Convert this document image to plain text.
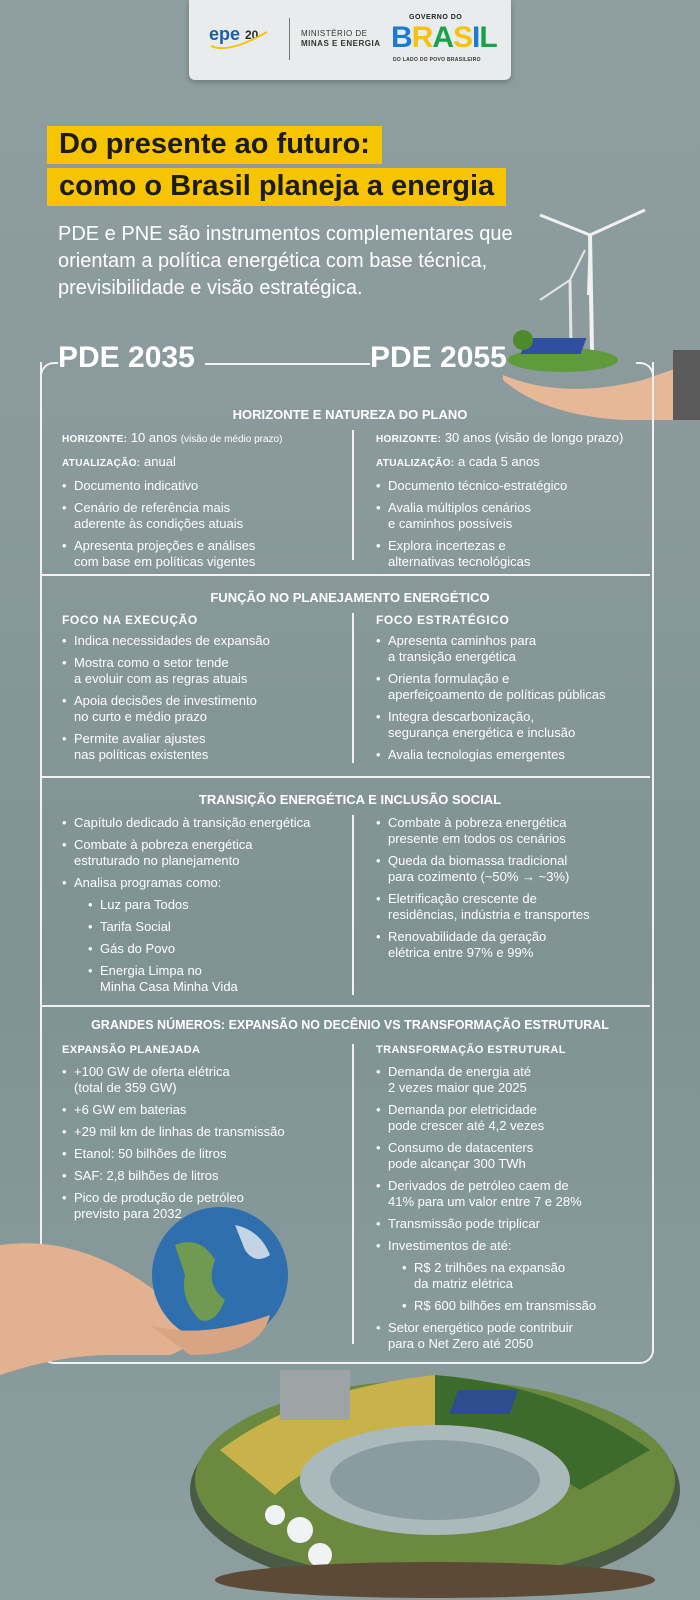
epe 20	MINISTÉRIO DE
MINAS E ENERGIA
GOVERNO DO
BRASIL
DO LADO DO POVO BRASILEIRO
Do presente ao futuro:
como o Brasil planeja a energia
PDE e PNE são instrumentos complementares que orientam a política energética com base técnica, previsibilidade e visão estratégica.
PDE 2035	PDE 2055
HORIZONTE E NATUREZA DO PLANO
HORIZONTE: 10 anos (visão de médio prazo)
ATUALIZAÇÃO: anual
• Documento indicativo
• Cenário de referência mais
aderente às condições atuais
• Apresenta projeções e análises
com base em políticas vigentes
HORIZONTE: 30 anos (visão de longo prazo)
ATUALIZAÇÃO: a cada 5 anos
• Documento técnico-estratégico
• Avalia múltiplos cenários
e caminhos possíveis
• Explora incertezas e
alternativas tecnológicas
FUNÇÃO NO PLANEJAMENTO ENERGÉTICO
FOCO NA EXECUÇÃO
• Indica necessidades de expansão
• Mostra como o setor tende
a evoluir com as regras atuais
• Apoia decisões de investimento
no curto e médio prazo
• Permite avaliar ajustes
nas políticas existentes
FOCO ESTRATÉGICO
• Apresenta caminhos para
a transição energética
• Orienta formulação e
aperfeiçoamento de políticas públicas
• Integra descarbonização,
segurança energética e inclusão
• Avalia tecnologias emergentes
TRANSIÇÃO ENERGÉTICA E INCLUSÃO SOCIAL
• Capítulo dedicado à transição energética
• Combate à pobreza energética
estruturado no planejamento
• Analisa programas como:
• Luz para Todos
• Tarifa Social
• Gás do Povo
• Energia Limpa no
Minha Casa Minha Vida
• Combate à pobreza energética
presente em todos os cenários
• Queda da biomassa tradicional
para cozimento (~50% → ~3%)
• Eletrificação crescente de
residências, indústria e transportes
• Renovabilidade da geração
elétrica entre 97% e 99%
GRANDES NÚMEROS: EXPANSÃO NO DECÊNIO VS TRANSFORMAÇÃO ESTRUTURAL
EXPANSÃO PLANEJADA
• +100 GW de oferta elétrica
(total de 359 GW)
• +6 GW em baterias
• +29 mil km de linhas de transmissão
• Etanol: 50 bilhões de litros
• SAF: 2,8 bilhões de litros
• Pico de produção de petróleo
previsto para 2032
TRANSFORMAÇÃO ESTRUTURAL
• Demanda de energia até
2 vezes maior que 2025
• Demanda por eletricidade
pode crescer até 4,2 vezes
• Consumo de datacenters
pode alcançar 300 TWh
• Derivados de petróleo caem de
41% para um valor entre 7 e 28%
• Transmissão pode triplicar
• Investimentos de até:
• R$ 2 trilhões na expansão
da matriz elétrica
• R$ 600 bilhões em transmissão
• Setor energético pode contribuir
para o Net Zero até 2050
